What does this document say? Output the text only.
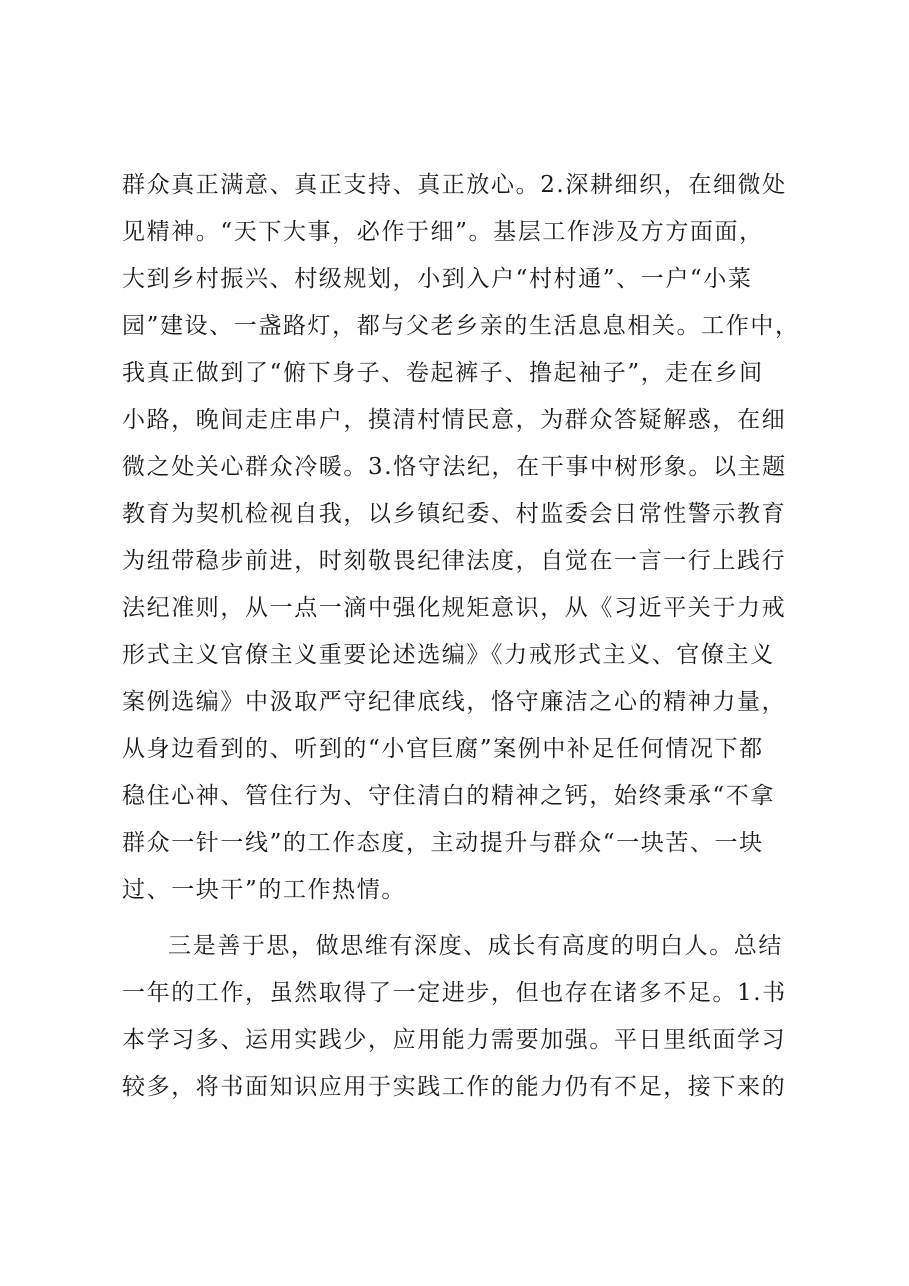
群众真正满意、真正支持、真正放心。2.深耕细织，在细微处
见精神。“天下大事，必作于细”。基层工作涉及方方面面，
大到乡村振兴、村级规划，小到入户“村村通”、一户“小菜
园”建设、一盏路灯，都与父老乡亲的生活息息相关。工作中，
我真正做到了“俯下身子、卷起裤子、撸起袖子”，走在乡间
小路，晚间走庄串户，摸清村情民意，为群众答疑解惑，在细
微之处关心群众冷暖。3.恪守法纪，在干事中树形象。以主题
教育为契机检视自我，以乡镇纪委、村监委会日常性警示教育
为纽带稳步前进，时刻敬畏纪律法度，自觉在一言一行上践行
法纪准则，从一点一滴中强化规矩意识，从《习近平关于力戒
形式主义官僚主义重要论述选编》《力戒形式主义、官僚主义
案例选编》中汲取严守纪律底线，恪守廉洁之心的精神力量，
从身边看到的、听到的“小官巨腐”案例中补足任何情况下都
稳住心神、管住行为、守住清白的精神之钙，始终秉承“不拿
群众一针一线”的工作态度，主动提升与群众“一块苦、一块
过、一块干”的工作热情。
三是善于思，做思维有深度、成长有高度的明白人。总结
一年的工作，虽然取得了一定进步，但也存在诸多不足。1.书
本学习多、运用实践少，应用能力需要加强。平日里纸面学习
较多，将书面知识应用于实践工作的能力仍有不足，接下来的
